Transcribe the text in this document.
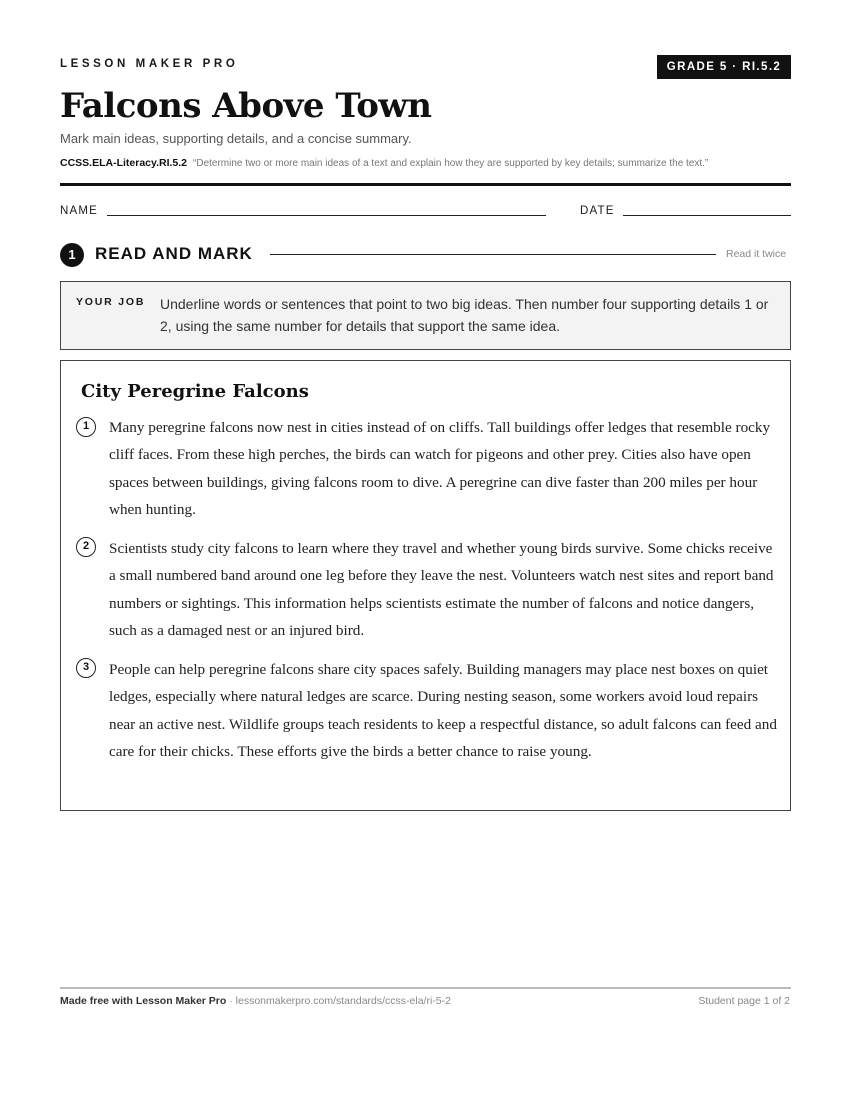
LESSON MAKER PRO	GRADE 5 · RI.5.2
Falcons Above Town
Mark main ideas, supporting details, and a concise summary.
CCSS.ELA-Literacy.RI.5.2 “Determine two or more main ideas of a text and explain how they are supported by key details; summarize the text.”
NAME	DATE
1	READ AND MARK	Read it twice
YOUR JOB Underline words or sentences that point to two big ideas. Then number four supporting details 1 or 2, using the same number for details that support the same idea.
City Peregrine Falcons
1	Many peregrine falcons now nest in cities instead of on cliffs. Tall buildings offer ledges that resemble rocky cliff faces. From these high perches, the birds can watch for pigeons and other prey. Cities also have open spaces between buildings, giving falcons room to dive. A peregrine can dive faster than 200 miles per hour when hunting.
2	Scientists study city falcons to learn where they travel and whether young birds survive. Some chicks receive a small numbered band around one leg before they leave the nest. Volunteers watch nest sites and report band numbers or sightings. This information helps scientists estimate the number of falcons and notice dangers, such as a damaged nest or an injured bird.
3	People can help peregrine falcons share city spaces safely. Building managers may place nest boxes on quiet ledges, especially where natural ledges are scarce. During nesting season, some workers avoid loud repairs near an active nest. Wildlife groups teach residents to keep a respectful distance, so adult falcons can feed and care for their chicks. These efforts give the birds a better chance to raise young.
Made free with Lesson Maker Pro · lessonmakerpro.com/standards/ccss-ela/ri-5-2	Student page 1 of 2
